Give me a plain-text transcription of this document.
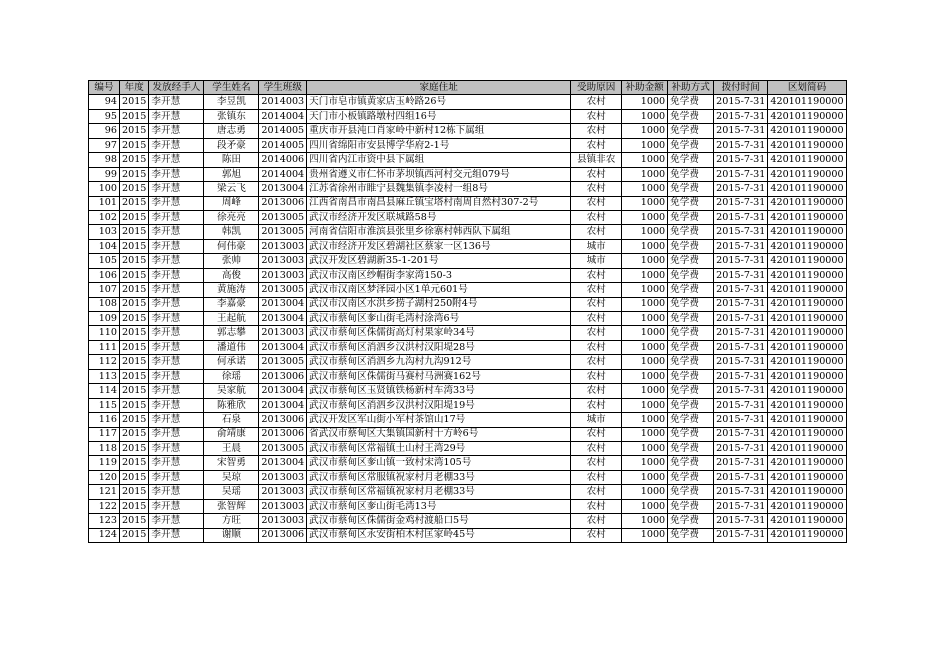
编号	年度	发放经手人	学生姓名	学生班级	家庭住址	受助原因	补助金额	补助方式	拨付时间	区划简码
94	2015	李开慧	李昱凯	2014003	天门市皂市镇黄家店玉岭路26号	农村	1000	免学费	2015-7-31	420101190000
95	2015	李开慧	张镇东	2014004	天门市小板镇路墩村四组16号	农村	1000	免学费	2015-7-31	420101190000
96	2015	李开慧	唐志勇	2014005	重庆市开县沌口肖家岭中新村12栋下属组	农村	1000	免学费	2015-7-31	420101190000
97	2015	李开慧	段矛豪	2014005	四川省绵阳市安县博学华府2-1号	农村	1000	免学费	2015-7-31	420101190000
98	2015	李开慧	陈田	2014006	四川省内江市资中县下属组	县镇非农	1000	免学费	2015-7-31	420101190000
99	2015	李开慧	郭旭	2014004	贵州省遵义市仁怀市茅坝镇西河村交元组079号	农村	1000	免学费	2015-7-31	420101190000
100	2015	李开慧	梁云飞	2013004	江苏省徐州市睢宁县魏集镇李凌村一组8号	农村	1000	免学费	2015-7-31	420101190000
101	2015	李开慧	周峰	2013006	江西省南昌市南昌县麻丘镇宝塔村南周自然村307-2号	农村	1000	免学费	2015-7-31	420101190000
102	2015	李开慧	徐亮亮	2013005	武汉市经济开发区联城路58号	农村	1000	免学费	2015-7-31	420101190000
103	2015	李开慧	韩凯	2013005	河南省信阳市淮滨县张里乡徐寨村韩西队下属组	农村	1000	免学费	2015-7-31	420101190000
104	2015	李开慧	何伟豪	2013003	武汉市经济开发区碧湖社区蔡家一区136号	城市	1000	免学费	2015-7-31	420101190000
105	2015	李开慧	张帅	2013003	武汉开发区碧湖新35-1-201号	城市	1000	免学费	2015-7-31	420101190000
106	2015	李开慧	高俊	2013003	武汉市汉南区纱帽街李家湾150-3	农村	1000	免学费	2015-7-31	420101190000
107	2015	李开慧	黄施涛	2013005	武汉市汉南区梦泽园小区1单元601号	农村	1000	免学费	2015-7-31	420101190000
108	2015	李开慧	李嘉豪	2013004	武汉市汉南区水洪乡捞子湖村250附4号	农村	1000	免学费	2015-7-31	420101190000
109	2015	李开慧	王起航	2013004	武汉市蔡甸区奓山街毛湾村涂湾6号	农村	1000	免学费	2015-7-31	420101190000
110	2015	李开慧	郭志攀	2013003	武汉市蔡甸区侏儒街高灯村果家岭34号	农村	1000	免学费	2015-7-31	420101190000
111	2015	李开慧	潘道伟	2013004	武汉市蔡甸区消泗乡汉洪村汉阳堤28号	农村	1000	免学费	2015-7-31	420101190000
112	2015	李开慧	何承诺	2013005	武汉市蔡甸区消泗乡九沟村九沟912号	农村	1000	免学费	2015-7-31	420101190000
113	2015	李开慧	徐瑶	2013006	武汉市蔡甸区侏儒街马赛村马洲赛162号	农村	1000	免学费	2015-7-31	420101190000
114	2015	李开慧	吴家航	2013004	武汉市蔡甸区玉贤镇铁杨新村车湾33号	农村	1000	免学费	2015-7-31	420101190000
115	2015	李开慧	陈雅欣	2013004	武汉市蔡甸区消泗乡汉洪村汉阳堤19号	农村	1000	免学费	2015-7-31	420101190000
116	2015	李开慧	石泉	2013006	武汉开发区军山街小军村茶馆山17号	城市	1000	免学费	2015-7-31	420101190000
117	2015	李开慧	俞靖康	2013006	省武汉市蔡甸区大集镇国新村十方岭6号	农村	1000	免学费	2015-7-31	420101190000
118	2015	李开慧	王晨	2013005	武汉市蔡甸区常福镇土山村王湾29号	农村	1000	免学费	2015-7-31	420101190000
119	2015	李开慧	宋智勇	2013004	武汉市蔡甸区奓山镇一致村宋湾105号	农村	1000	免学费	2015-7-31	420101190000
120	2015	李开慧	吴琼	2013003	武汉市蔡甸区常服镇祝家村月老棚33号	农村	1000	免学费	2015-7-31	420101190000
121	2015	李开慧	吴瑶	2013003	武汉市蔡甸区常福镇祝家村月老棚33号	农村	1000	免学费	2015-7-31	420101190000
122	2015	李开慧	张智辉	2013003	武汉市蔡甸区奓山街毛湾13号	农村	1000	免学费	2015-7-31	420101190000
123	2015	李开慧	方旺	2013003	武汉市蔡甸区侏儒街金鸡村渡船口5号	农村	1000	免学费	2015-7-31	420101190000
124	2015	李开慧	谢顺	2013006	武汉市蔡甸区永安街柏木村匡家岭45号	农村	1000	免学费	2015-7-31	420101190000
